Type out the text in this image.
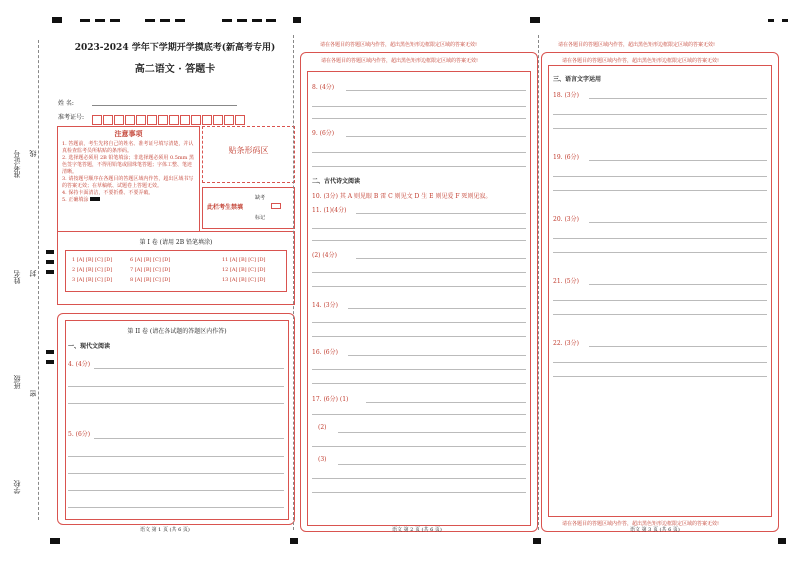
准考证号 线
姓名 封
班级
密
学校
2023-2024 学年下学期开学摸底考(新高考专用)
高二语文 · 答题卡
姓 名:
准考证号:
注意事项
1. 答题前，考生先将自己的姓名、准考证号填写清楚，并认真检查监考员所粘贴的条形码。
2. 选择题必须用 2B 铅笔填涂；非选择题必须用 0.5mm 黑色签字笔答题，不得用铅笔或圆珠笔答题；字体工整、笔迹清晰。
3. 请按题号顺序在各题目的答题区域内作答，超出区域书写的答案无效；在草稿纸、试题卷上答题无效。
4. 保持卡面清洁，不要折叠、不要弄破。
5. 正确填涂
贴条形码区
缺考
此栏考生禁填
标记
第 I 卷 (请用 2B 铅笔填涂)
1 [A] [B] [C] [D]	6 [A] [B] [C] [D]	11 [A] [B] [C] [D]
2 [A] [B] [C] [D]	7 [A] [B] [C] [D]	12 [A] [B] [C] [D]
3 [A] [B] [C] [D]	8 [A] [B] [C] [D]	13 [A] [B] [C] [D]
第 II 卷 (请在各试题的答题区内作答)
一、现代文阅读
4. (4分)
5. (6分)
语文 第 1 页 (共 6 页)
请在各题目的答题区域内作答，超出黑色矩形边框限定区域的答案无效!
请在各题目的答题区域内作答，超出黑色矩形边框限定区域的答案无效!
8. (4分)
9. (6分)
二、古代诗文阅读
10. (3分) 其 A 则见眼 B 雷 C 则见文 D 生 E 则见爱 F 死则见寂。
11. (1)(4分)
(2) (4分)
14. (3分)
16. (6分)
17. (6分) (1)
(2)
(3)
语文 第 2 页 (共 6 页)
请在各题目的答题区域内作答，超出黑色矩形边框限定区域的答案无效!
请在各题目的答题区域内作答，超出黑色矩形边框限定区域的答案无效!
三、语言文字运用
18. (3分)
19. (6分)
20. (3分)
21. (5分)
22. (3分)
请在各题目的答题区域内作答，超出黑色矩形边框限定区域的答案无效!
语文 第 3 页 (共 6 页)
